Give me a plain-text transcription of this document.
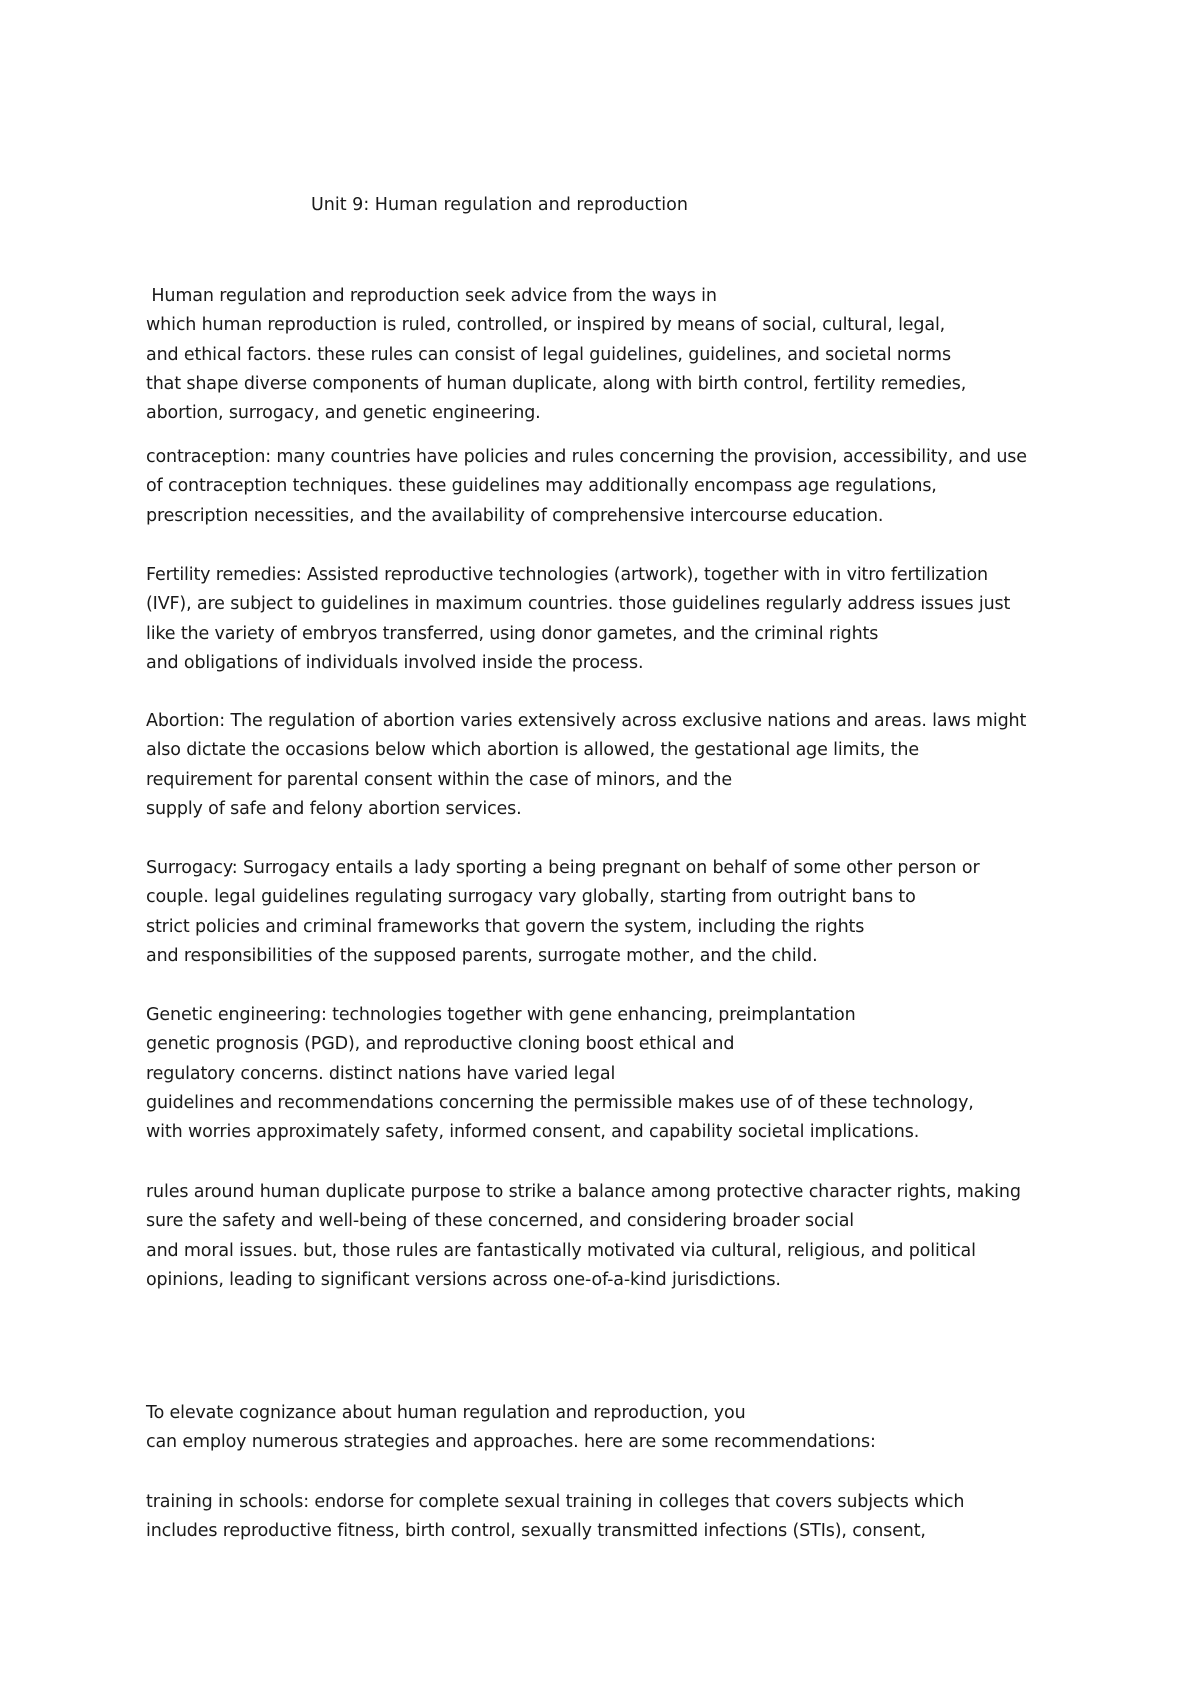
Unit 9: Human regulation and reproduction

Human regulation and reproduction seek advice from the ways in
which human reproduction is ruled, controlled, or inspired by means of social, cultural, legal,
and ethical factors. these rules can consist of legal guidelines, guidelines, and societal norms
that shape diverse components of human duplicate, along with birth control, fertility remedies,
abortion, surrogacy, and genetic engineering.

contraception: many countries have policies and rules concerning the provision, accessibility, and use
of contraception techniques. these guidelines may additionally encompass age regulations,
prescription necessities, and the availability of comprehensive intercourse education.

Fertility remedies: Assisted reproductive technologies (artwork), together with in vitro fertilization
(IVF), are subject to guidelines in maximum countries. those guidelines regularly address issues just
like the variety of embryos transferred, using donor gametes, and the criminal rights
and obligations of individuals involved inside the process.

Abortion: The regulation of abortion varies extensively across exclusive nations and areas. laws might
also dictate the occasions below which abortion is allowed, the gestational age limits, the
requirement for parental consent within the case of minors, and the
supply of safe and felony abortion services.

Surrogacy: Surrogacy entails a lady sporting a being pregnant on behalf of some other person or
couple. legal guidelines regulating surrogacy vary globally, starting from outright bans to
strict policies and criminal frameworks that govern the system, including the rights
and responsibilities of the supposed parents, surrogate mother, and the child.

Genetic engineering: technologies together with gene enhancing, preimplantation
genetic prognosis (PGD), and reproductive cloning boost ethical and
regulatory concerns. distinct nations have varied legal
guidelines and recommendations concerning the permissible makes use of of these technology,
with worries approximately safety, informed consent, and capability societal implications.

rules around human duplicate purpose to strike a balance among protective character rights, making
sure the safety and well-being of these concerned, and considering broader social
and moral issues. but, those rules are fantastically motivated via cultural, religious, and political
opinions, leading to significant versions across one-of-a-kind jurisdictions.

To elevate cognizance about human regulation and reproduction, you
can employ numerous strategies and approaches. here are some recommendations:

training in schools: endorse for complete sexual training in colleges that covers subjects which
includes reproductive fitness, birth control, sexually transmitted infections (STIs), consent,
